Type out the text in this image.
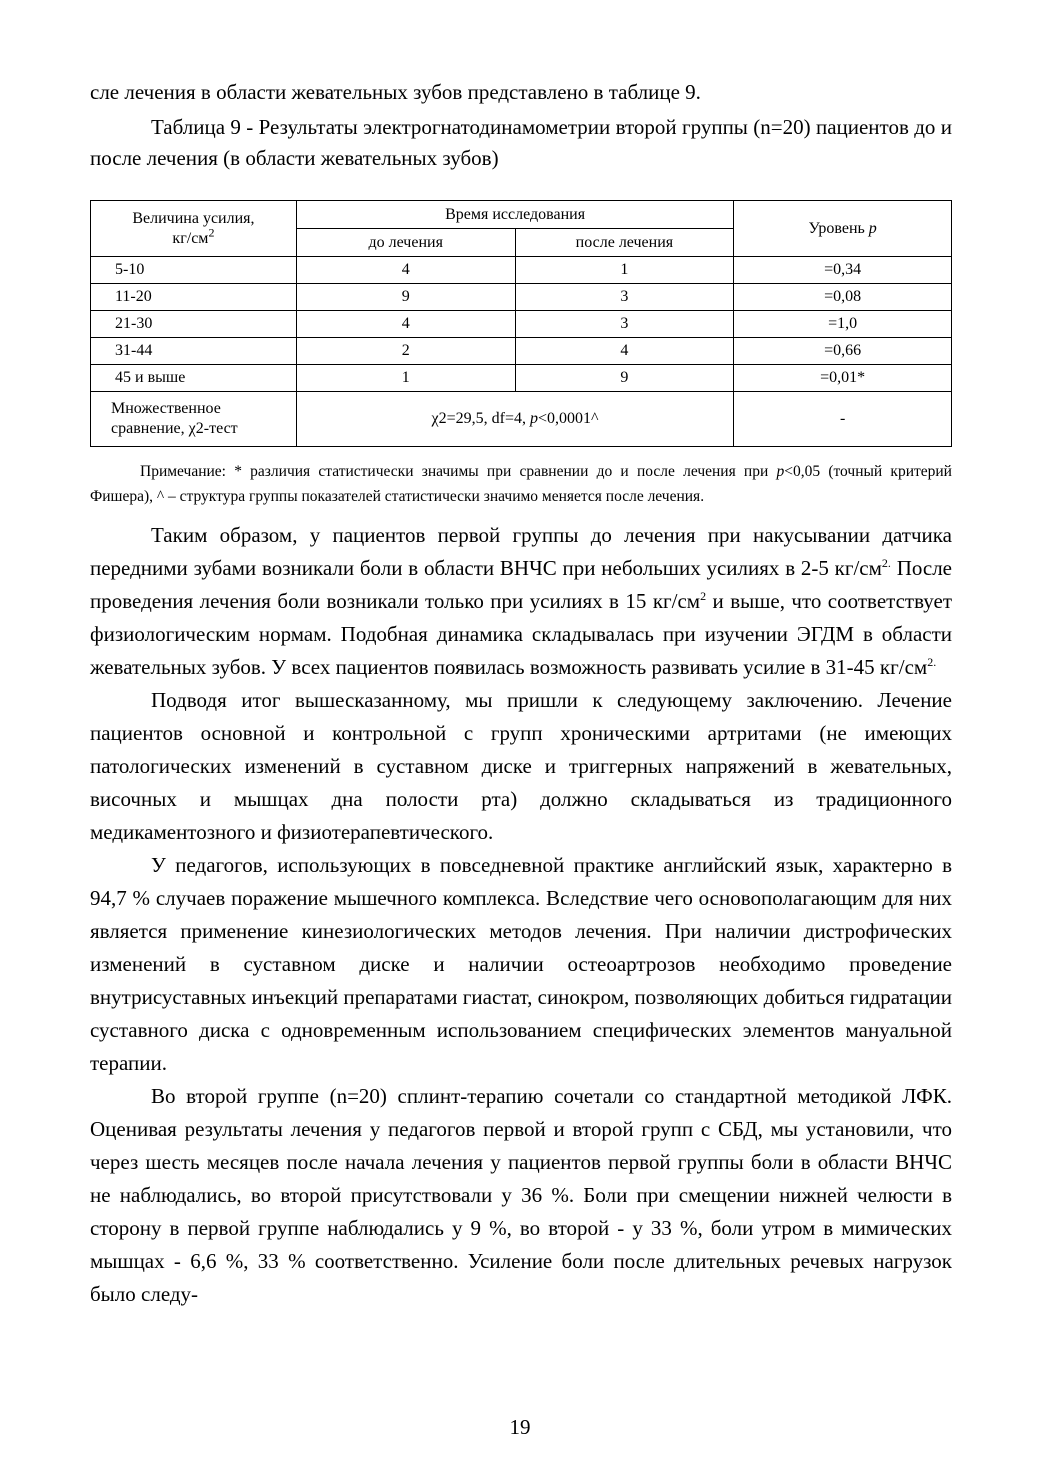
сле лечения в области жевательных зубов представлено в таблице 9.

Таблица 9 - Результаты электрогнатодинамометрии второй группы (n=20) пациентов до и после лечения (в области жевательных зубов)

Величина усилия,
$кг/см^2$	Время исследования		Уровень p
	до лечения	после лечения	
5-10	4	1	=0,34
11-20	9	3	=0,08
21-30	4	3	=1,0
31-44	2	4	=0,66
45 и выше	1	9	=0,01*
Множественное
сравнение, χ2-тест	χ2=29,5, df=4, p<0,0001^		-

Примечание: * различия статистически значимы при сравнении до и после лечения при p<0,05 (точный критерий Фишера), ^ – структура группы показателей статистически значимо меняется после лечения.

Таким образом, у пациентов первой группы до лечения при накусывании датчика передними зубами возникали боли в области ВНЧС при небольших усилиях в 2-5 $кг/см^{2.}$ После проведения лечения боли возникали только при усилиях в 15 $кг/см^2$ и выше, что соответствует физиологическим нормам. Подобная динамика складывалась при изучении ЭГДМ в области жевательных зубов. У всех пациентов появилась возможность развивать усилие в 31-45 $кг/см^{2.}$

Подводя итог вышесказанному, мы пришли к следующему заключению. Лечение пациентов основной и контрольной с групп хроническими артритами (не имеющих патологических изменений в суставном диске и триггерных напряжений в жевательных, височных и мышцах дна полости рта) должно складываться из традиционного медикаментозного и физиотерапевтического.

У педагогов, использующих в повседневной практике английский язык, характерно в 94,7 % случаев поражение мышечного комплекса. Вследствие чего основополагающим для них является применение кинезиологических методов лечения. При наличии дистрофических изменений в суставном диске и наличии остеоартрозов необходимо проведение внутрисуставных инъекций препаратами гиастат, синокром, позволяющих добиться гидратации суставного диска с одновременным использованием специфических элементов мануальной терапии.

Во второй группе (n=20) сплинт-терапию сочетали со стандартной методикой ЛФК. Оценивая результаты лечения у педагогов первой и второй групп с СБД, мы установили, что через шесть месяцев после начала лечения у пациентов первой группы боли в области ВНЧС не наблюдались, во второй присутствовали у 36 %. Боли при смещении нижней челюсти в сторону в первой группе наблюдались у 9 %, во второй - у 33 %, боли утром в мимических мышцах - 6,6 %, 33 % соответственно. Усиление боли после длительных речевых нагрузок было следу-

19
